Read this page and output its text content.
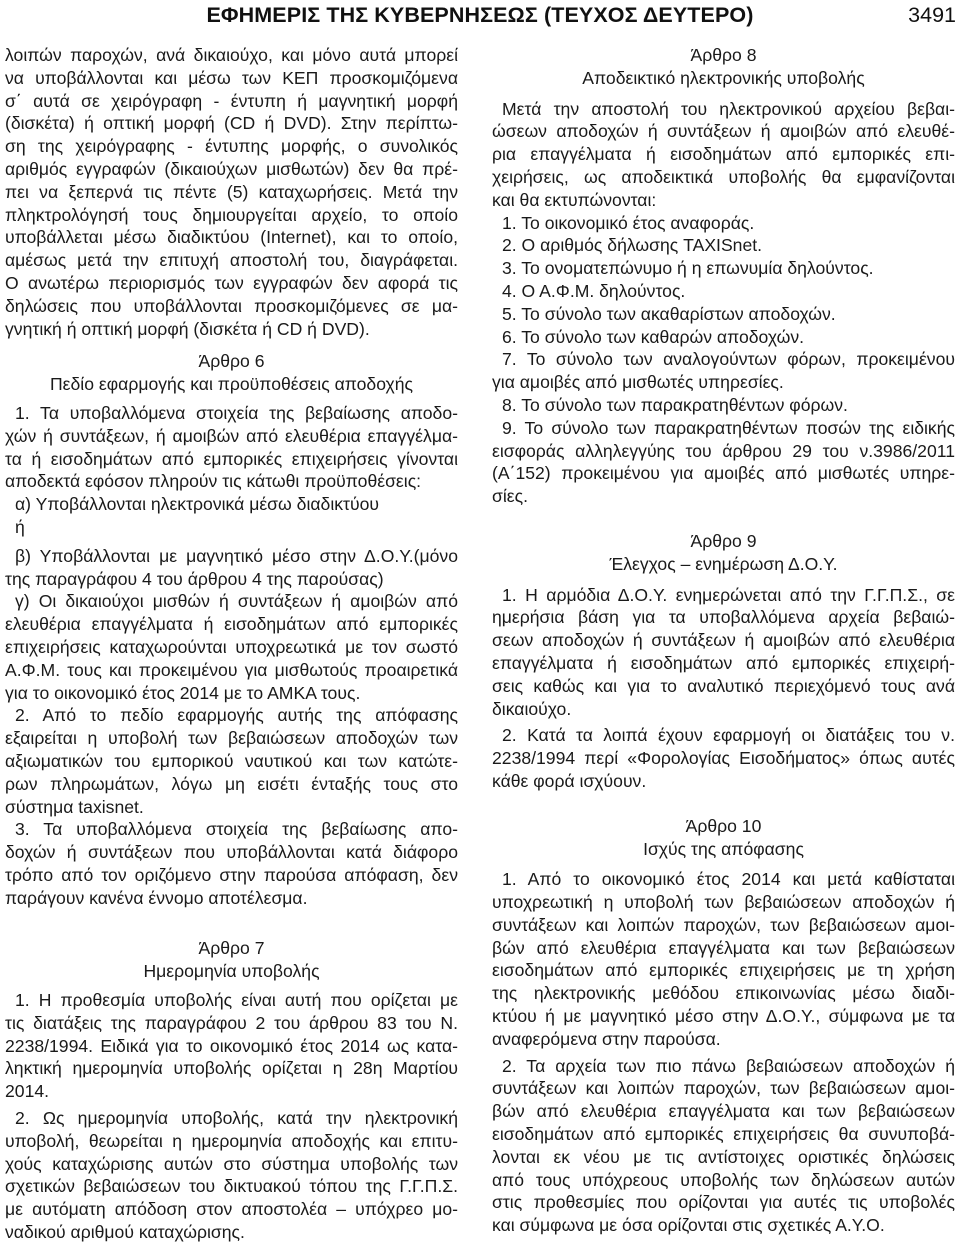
ΕΦΗΜΕΡΙΣ ΤΗΣ ΚΥΒΕΡΝΗΣΕΩΣ (ΤΕΥΧΟΣ ΔΕΥΤΕΡΟ)	3491
λοιπών παροχών, ανά δικαιούχο, και μόνο αυτά μπορεί
να υποβάλλονται και μέσω των ΚΕΠ προσκομιζόμενα
σ΄ αυτά σε χειρόγραφη - έντυπη ή μαγνητική μορφή
(δισκέτα) ή οπτική μορφή (CD ή DVD). Στην περίπτω-
ση της χειρόγραφης - έντυπης μορφής, ο συνολικός
αριθμός εγγραφών (δικαιούχων μισθωτών) δεν θα πρέ-
πει να ξεπερνά τις πέντε (5) καταχωρήσεις. Μετά την
πληκτρολόγησή τους δημιουργείται αρχείο, το οποίο
υποβάλλεται μέσω διαδικτύου (Internet), και το οποίο,
αμέσως μετά την επιτυχή αποστολή του, διαγράφεται.
Ο ανωτέρω περιορισμός των εγγραφών δεν αφορά τις
δηλώσεις που υποβάλλονται προσκομιζόμενες σε μα-
γνητική ή οπτική μορφή (δισκέτα ή CD ή DVD).
Άρθρο 6
Πεδίο εφαρμογής και προϋποθέσεις αποδοχής
1. Τα υποβαλλόμενα στοιχεία της βεβαίωσης αποδο-
χών ή συντάξεων, ή αμοιβών από ελευθέρια επαγγέλμα-
τα ή εισοδημάτων από εμπορικές επιχειρήσεις γίνονται
αποδεκτά εφόσον πληρούν τις κάτωθι προϋποθέσεις:
α) Υποβάλλονται ηλεκτρονικά μέσω διαδικτύου
ή
β) Υποβάλλονται με μαγνητικό μέσο στην Δ.Ο.Υ.(μόνο
της παραγράφου 4 του άρθρου 4 της παρούσας)
γ) Οι δικαιούχοι μισθών ή συντάξεων ή αμοιβών από
ελευθέρια επαγγέλματα ή εισοδημάτων από εμπορικές
επιχειρήσεις καταχωρούνται υποχρεωτικά με τον σωστό
Α.Φ.Μ. τους και προκειμένου για μισθωτούς προαιρετικά
για το οικονομικό έτος 2014 με το ΑΜΚΑ τους.
2. Από το πεδίο εφαρμογής αυτής της απόφασης
εξαιρείται η υποβολή των βεβαιώσεων αποδοχών των
αξιωματικών του εμπορικού ναυτικού και των κατώτε-
ρων πληρωμάτων, λόγω μη εισέτι ένταξής τους στο
σύστημα taxisnet.
3. Τα υποβαλλόμενα στοιχεία της βεβαίωσης απο-
δοχών ή συντάξεων που υποβάλλονται κατά διάφορο
τρόπο από τον οριζόμενο στην παρούσα απόφαση, δεν
παράγουν κανένα έννομο αποτέλεσμα.
Άρθρο 7
Ημερομηνία υποβολής
1. Η προθεσμία υποβολής είναι αυτή που ορίζεται με
τις διατάξεις της παραγράφου 2 του άρθρου 83 του Ν.
2238/1994. Ειδικά για το οικονομικό έτος 2014 ως κατα-
ληκτική ημερομηνία υποβολής ορίζεται η 28η Μαρτίου
2014.
2. Ως ημερομηνία υποβολής, κατά την ηλεκτρονική
υποβολή, θεωρείται η ημερομηνία αποδοχής και επιτυ-
χούς καταχώρισης αυτών στο σύστημα υποβολής των
σχετικών βεβαιώσεων του δικτυακού τόπου της Γ.Γ.Π.Σ.
με αυτόματη απόδοση στον αποστολέα – υπόχρεο μο-
ναδικού αριθμού καταχώρισης.
Άρθρο 8
Αποδεικτικό ηλεκτρονικής υποβολής
Μετά την αποστολή του ηλεκτρονικού αρχείου βεβαι-
ώσεων αποδοχών ή συντάξεων ή αμοιβών από ελευθέ-
ρια επαγγέλματα ή εισοδημάτων από εμπορικές επι-
χειρήσεις, ως αποδεικτικά υποβολής θα εμφανίζονται
και θα εκτυπώνονται:
1. Το οικονομικό έτος αναφοράς.
2. Ο αριθμός δήλωσης TAXISnet.
3. Το ονοματεπώνυμο ή η επωνυμία δηλούντος.
4. Ο Α.Φ.Μ. δηλούντος.
5. Το σύνολο των ακαθαρίστων αποδοχών.
6. Το σύνολο των καθαρών αποδοχών.
7. Το σύνολο των αναλογούντων φόρων, προκειμένου
για αμοιβές από μισθωτές υπηρεσίες.
8. Το σύνολο των παρακρατηθέντων φόρων.
9. Το σύνολο των παρακρατηθέντων ποσών της ειδικής
εισφοράς αλληλεγγύης του άρθρου 29 του ν.3986/2011
(Α΄152) προκειμένου για αμοιβές από μισθωτές υπηρε-
σίες.
Άρθρο 9
Έλεγχος – ενημέρωση Δ.Ο.Υ.
1. Η αρμόδια Δ.Ο.Υ. ενημερώνεται από την Γ.Γ.Π.Σ., σε
ημερήσια βάση για τα υποβαλλόμενα αρχεία βεβαιώ-
σεων αποδοχών ή συντάξεων ή αμοιβών από ελευθέρια
επαγγέλματα ή εισοδημάτων από εμπορικές επιχειρή-
σεις καθώς και για το αναλυτικό περιεχόμενό τους ανά
δικαιούχο.
2. Κατά τα λοιπά έχουν εφαρμογή οι διατάξεις του ν.
2238/1994 περί «Φορολογίας Εισοδήματος» όπως αυτές
κάθε φορά ισχύουν.
Άρθρο 10
Ισχύς της απόφασης
1. Από το οικονομικό έτος 2014 και μετά καθίσταται
υποχρεωτική η υποβολή των βεβαιώσεων αποδοχών ή
συντάξεων και λοιπών παροχών, των βεβαιώσεων αμοι-
βών από ελευθέρια επαγγέλματα και των βεβαιώσεων
εισοδημάτων από εμπορικές επιχειρήσεις με τη χρήση
της ηλεκτρονικής μεθόδου επικοινωνίας μέσω διαδι-
κτύου ή με μαγνητικό μέσο στην Δ.Ο.Υ., σύμφωνα με τα
αναφερόμενα στην παρούσα.
2. Τα αρχεία των πιο πάνω βεβαιώσεων αποδοχών ή
συντάξεων και λοιπών παροχών, των βεβαιώσεων αμοι-
βών από ελευθέρια επαγγέλματα και των βεβαιώσεων
εισοδημάτων από εμπορικές επιχειρήσεις θα συνυποβά-
λονται εκ νέου με τις αντίστοιχες οριστικές δηλώσεις
από τους υπόχρεους υποβολής των δηλώσεων αυτών
στις προθεσμίες που ορίζονται για αυτές τις υποβολές
και σύμφωνα με όσα ορίζονται στις σχετικές Α.Υ.Ο.
